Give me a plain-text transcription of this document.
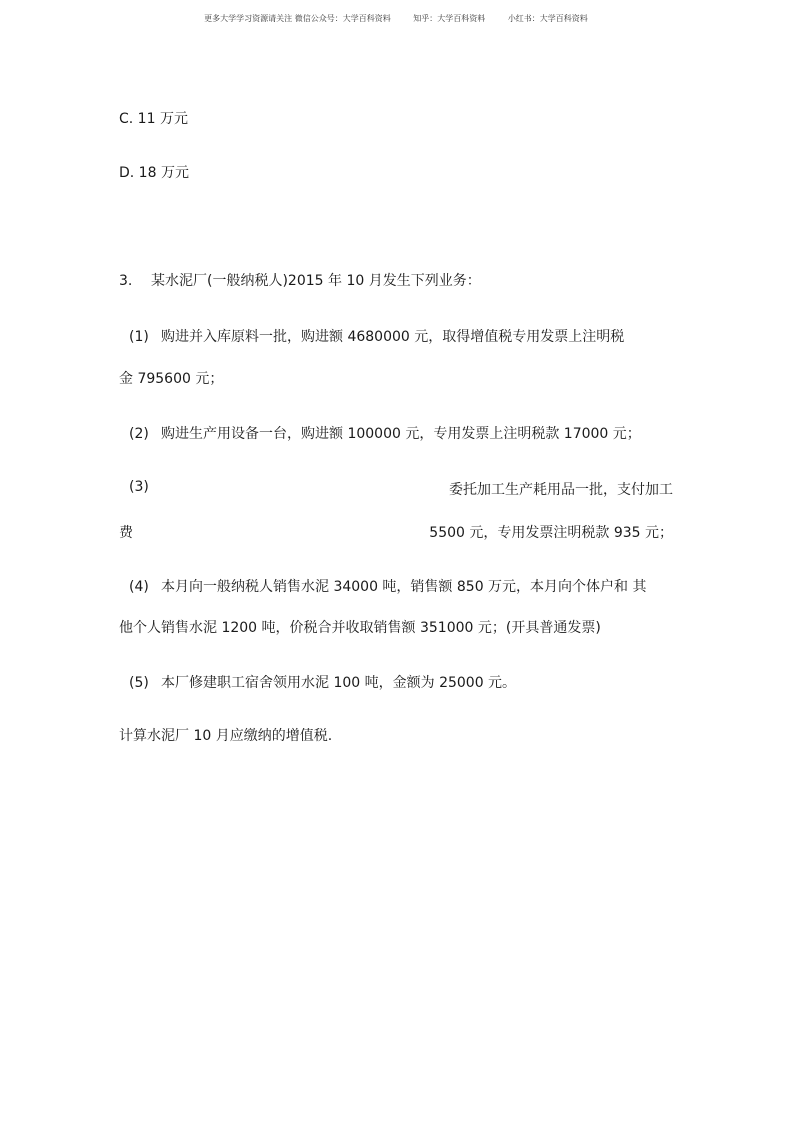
更多大学学习资源请关注 微信公众号：大学百科资料	知乎：大学百科资料	小红书：大学百科资料
C. 11 万元
D. 18 万元
3. 某水泥厂(一般纳税人)2015 年 10 月发生下列业务：
(1) 购进并入库原料一批，购进额 4680000 元，取得增值税专用发票上注明税
金 795600 元；
(2) 购进生产用设备一台，购进额 100000 元，专用发票上注明税款 17000 元；
(3)	委托加工生产耗用品一批，支付加工
费	5500 元，专用发票注明税款 935 元；
(4) 本月向一般纳税人销售水泥 34000 吨，销售额 850 万元，本月向个体户和 其
他个人销售水泥 1200 吨，价税合并收取销售额 351000 元；(开具普通发票)
(5) 本厂修建职工宿舍领用水泥 100 吨，金额为 25000 元。
计算水泥厂 10 月应缴纳的增值税.
